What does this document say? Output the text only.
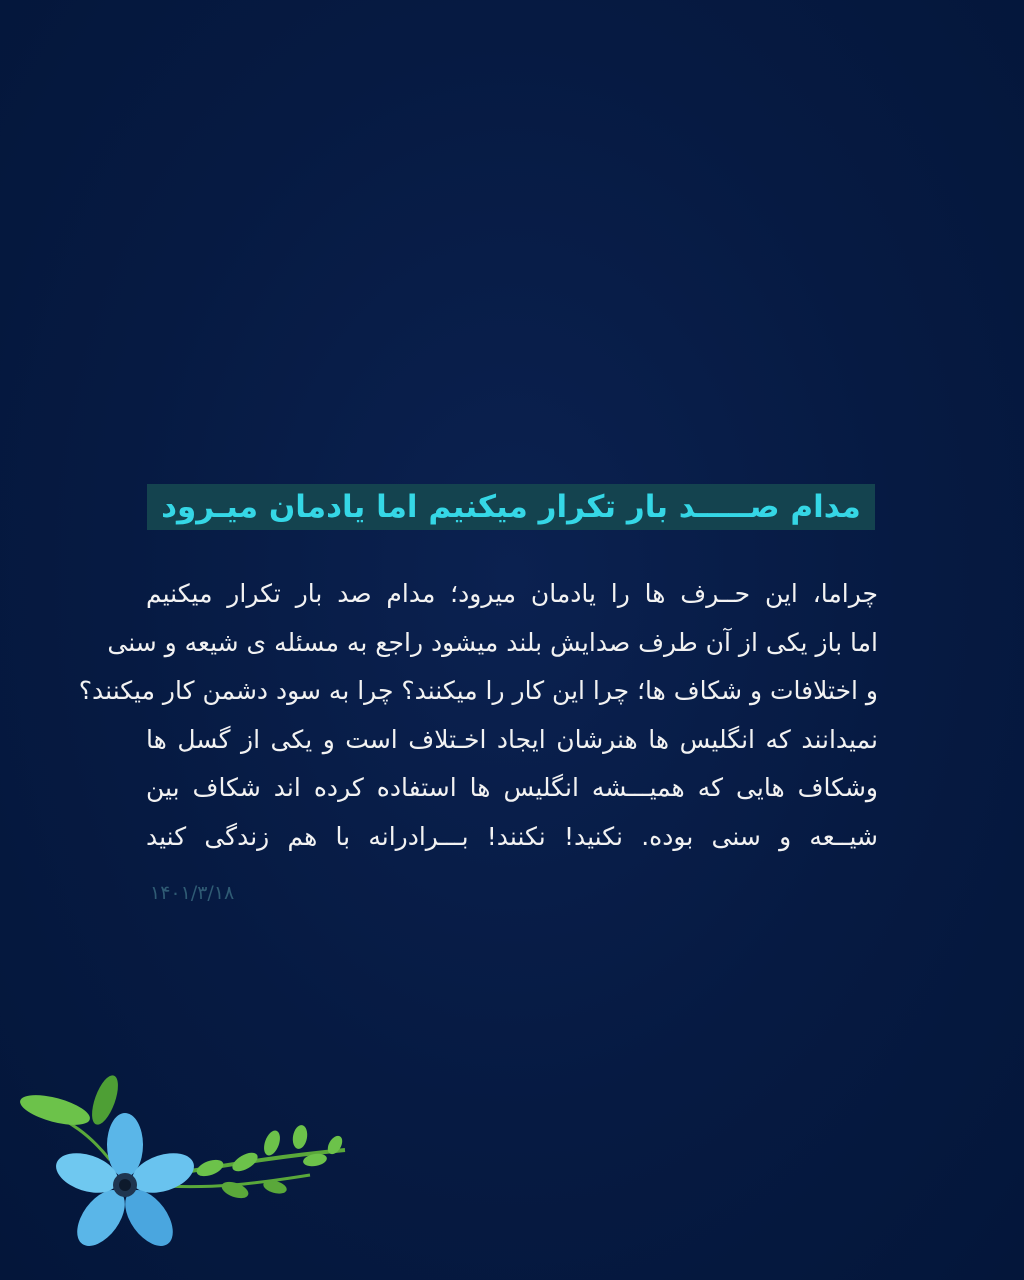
مدام صـــــد بار تکرار میکنیم اما یادمان میـرود
چراما، این حــرف ها را یادمان میرود؛ مدام صد بار تکرار میکنیم
اما باز یکی از آن طرف صدایش بلند میشود راجع به مسئله ی شیعه و سنی
و اختلافات و شکاف ها؛ چرا این کار را میکنند؟ چرا به سود دشمن کار میکنند؟
نمیدانند که انگلیس ها هنرشان ایجاد اخـتلاف است و یکی از گسل ها
وشکاف هایی که همیـــشه انگلیس ها استفاده کرده اند شکاف بین
شیــعه و سنی بوده. نکنید! نکنند! بـــرادرانه با هم زندگی کنید
۱۴۰۱/۳/۱۸
